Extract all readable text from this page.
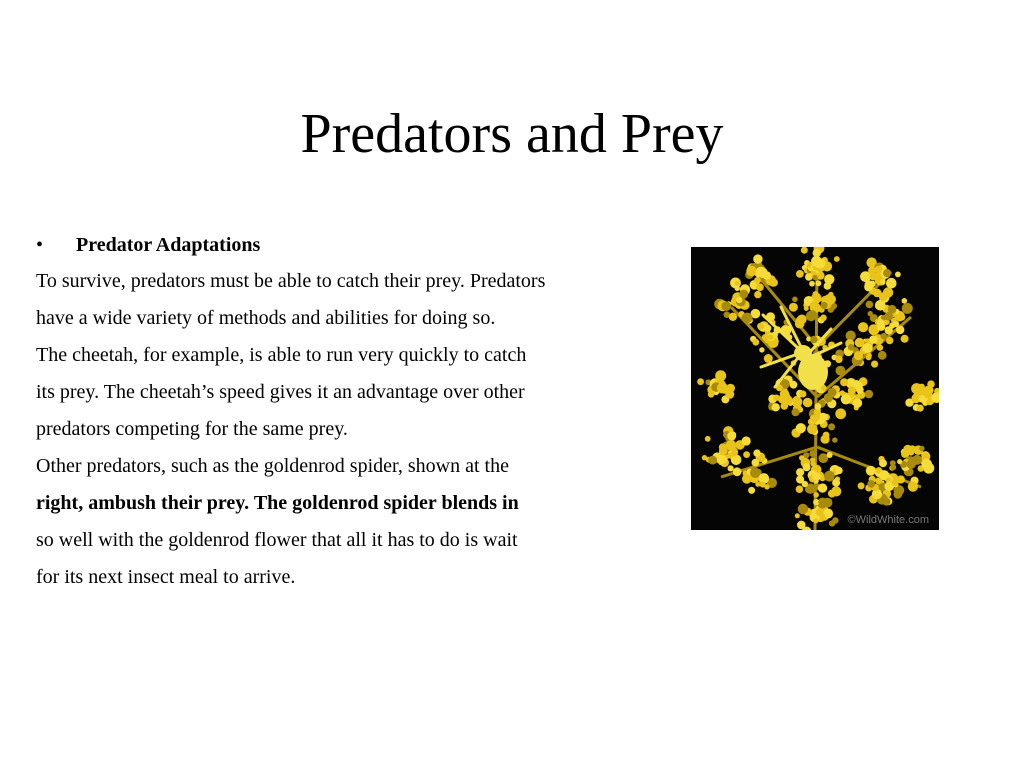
Predators and Prey
• Predator Adaptations
To survive, predators must be able to catch their prey. Predators
have a wide variety of methods and abilities for doing so.
The cheetah, for example, is able to run very quickly to catch
its prey. The cheetah’s speed gives it an advantage over other
predators competing for the same prey.
Other predators, such as the goldenrod spider, shown at the
right, ambush their prey. The goldenrod spider blends in
so well with the goldenrod flower that all it has to do is wait
for its next insect meal to arrive.
©WildWhite.com
